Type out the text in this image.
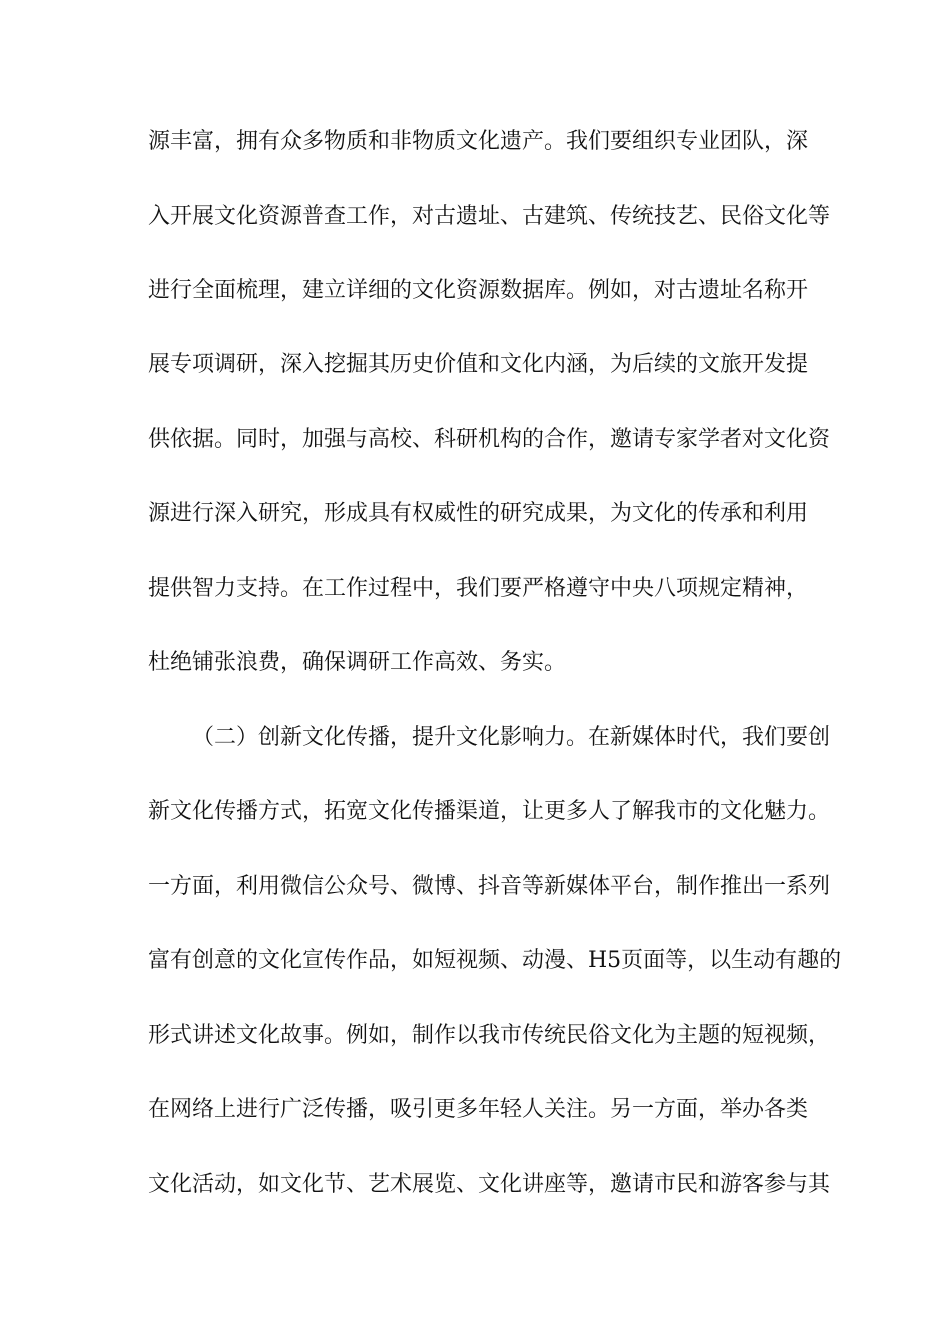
源丰富，拥有众多物质和非物质文化遗产。我们要组织专业团队，深
入开展文化资源普查工作，对古遗址、古建筑、传统技艺、民俗文化等
进行全面梳理，建立详细的文化资源数据库。例如，对古遗址名称开
展专项调研，深入挖掘其历史价值和文化内涵，为后续的文旅开发提
供依据。同时，加强与高校、科研机构的合作，邀请专家学者对文化资
源进行深入研究，形成具有权威性的研究成果，为文化的传承和利用
提供智力支持。在工作过程中，我们要严格遵守中央八项规定精神，
杜绝铺张浪费，确保调研工作高效、务实。
（二）创新文化传播，提升文化影响力。在新媒体时代，我们要创
新文化传播方式，拓宽文化传播渠道，让更多人了解我市的文化魅力。
一方面，利用微信公众号、微博、抖音等新媒体平台，制作推出一系列
富有创意的文化宣传作品，如短视频、动漫、H5页面等，以生动有趣的
形式讲述文化故事。例如，制作以我市传统民俗文化为主题的短视频，
在网络上进行广泛传播，吸引更多年轻人关注。另一方面，举办各类
文化活动，如文化节、艺术展览、文化讲座等，邀请市民和游客参与其
